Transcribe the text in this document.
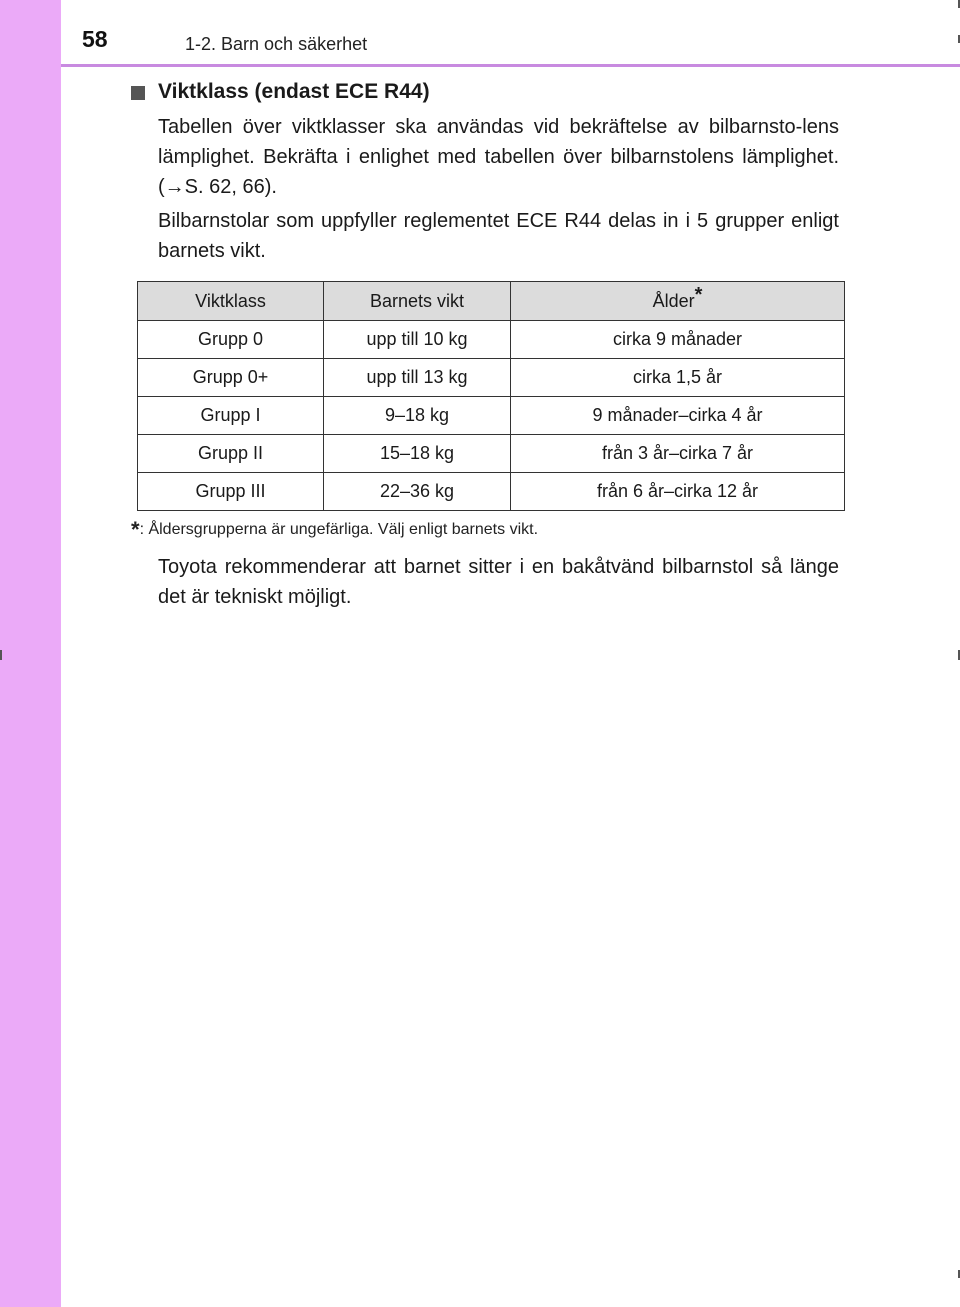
58	1-2. Barn och säkerhet
Viktklass (endast ECE R44)
Tabellen över viktklasser ska användas vid bekräftelse av bilbarnsto-lens lämplighet. Bekräfta i enlighet med tabellen över bilbarnstolens lämplighet. (→S. 62, 66).
Bilbarnstolar som uppfyller reglementet ECE R44 delas in i 5 grupper enligt barnets vikt.
Viktklass	Barnets vikt	Ålder*
Grupp 0	upp till 10 kg	cirka 9 månader
Grupp 0+	upp till 13 kg	cirka 1,5 år
Grupp I	9–18 kg	9 månader–cirka 4 år
Grupp II	15–18 kg	från 3 år–cirka 7 år
Grupp III	22–36 kg	från 6 år–cirka 12 år
*: Åldersgrupperna är ungefärliga. Välj enligt barnets vikt.
Toyota rekommenderar att barnet sitter i en bakåtvänd bilbarnstol så länge det är tekniskt möjligt.
